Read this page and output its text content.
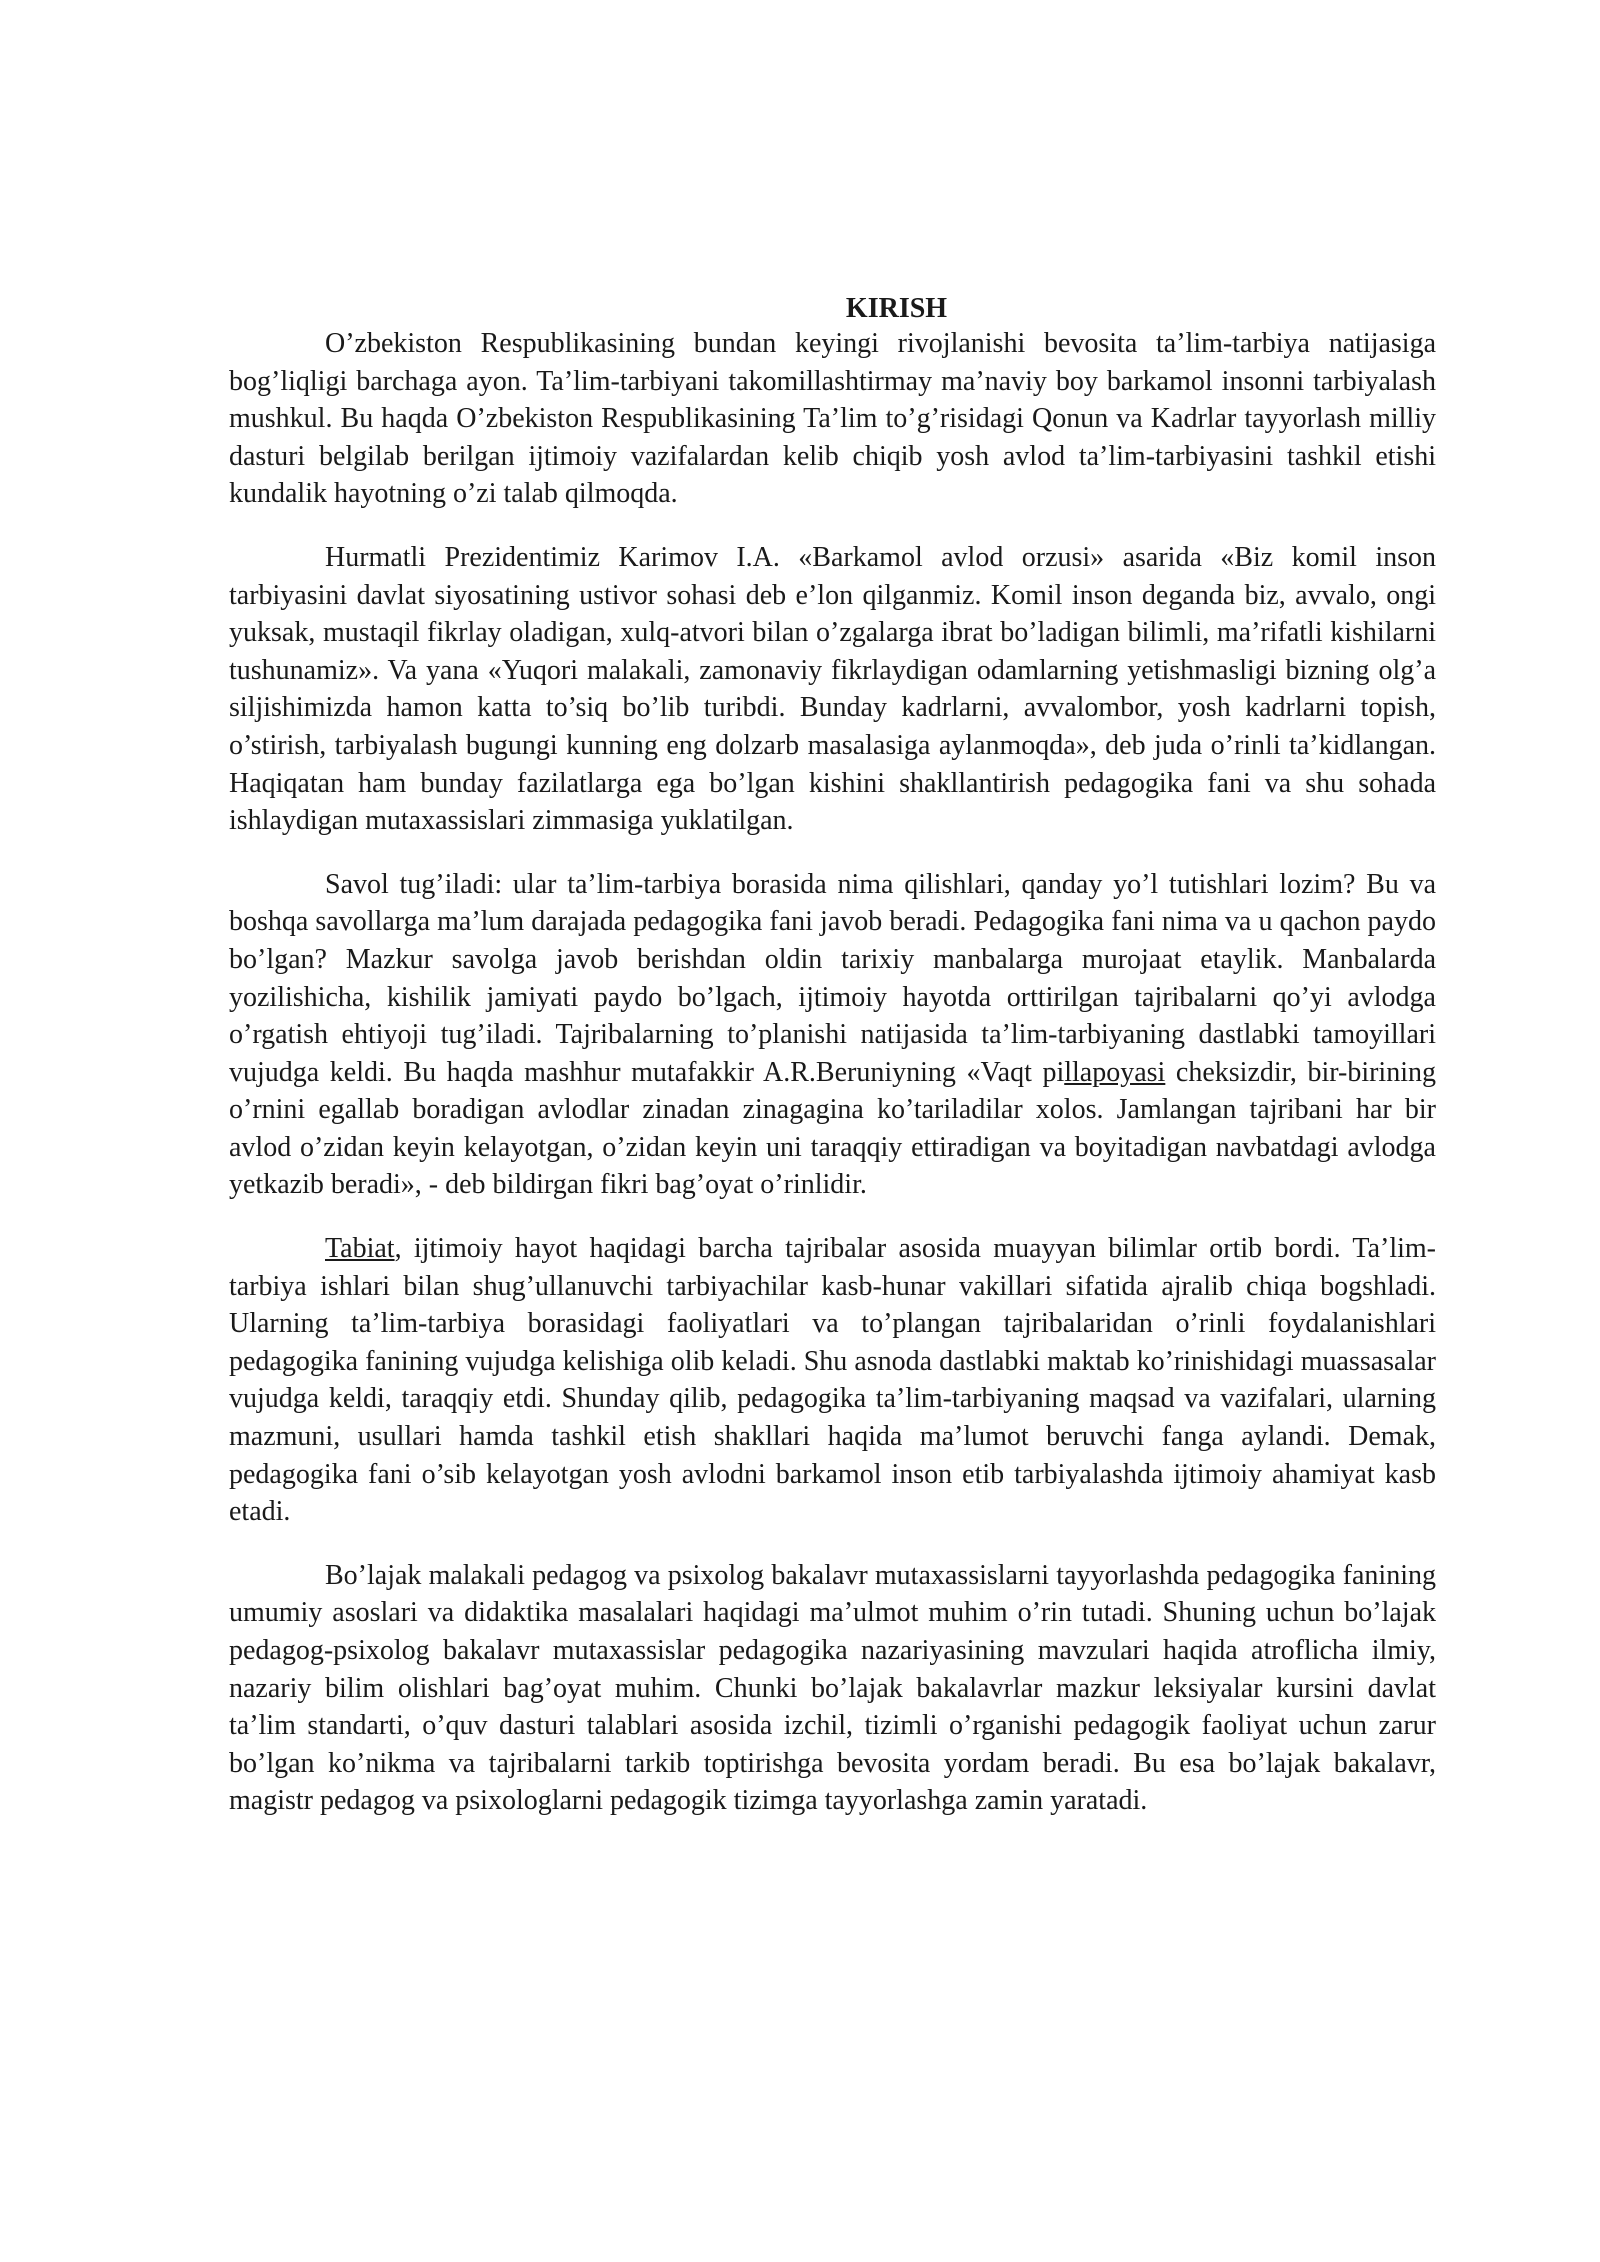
KIRISH

O’zbekiston Respublikasining bundan keyingi rivojlanishi bevosita ta’lim-tarbiya natijasiga bog’liqligi barchaga ayon. Ta’lim-tarbiyani takomillashtirmay ma’naviy boy barkamol insonni tarbiyalash mushkul. Bu haqda O’zbekiston Respublikasining Ta’lim to’g’risidagi Qonun va Kadrlar tayyorlash milliy dasturi belgilab berilgan ijtimoiy vazifalardan kelib chiqib yosh avlod ta’lim-tarbiyasini tashkil etishi kundalik hayotning o’zi talab qilmoqda.

Hurmatli Prezidentimiz Karimov I.A. «Barkamol avlod orzusi» asarida «Biz komil inson tarbiyasini davlat siyosatining ustivor sohasi deb e’lon qilganmiz. Komil inson deganda biz, avvalo, ongi yuksak, mustaqil fikrlay oladigan, xulq-atvori bilan o’zgalarga ibrat bo’ladigan bilimli, ma’rifatli kishilarni tushunamiz». Va yana «Yuqori malakali, zamonaviy fikrlaydigan odamlarning yetishmasligi bizning olg’a siljishimizda hamon katta to’siq bo’lib turibdi. Bunday kadrlarni, avvalombor, yosh kadrlarni topish, o’stirish, tarbiyalash bugungi kunning eng dolzarb masalasiga aylanmoqda», deb juda o’rinli ta’kidlangan. Haqiqatan ham bunday fazilatlarga ega bo’lgan kishini shakllantirish pedagogika fani va shu sohada ishlaydigan mutaxassislari zimmasiga yuklatilgan.

Savol tug’iladi: ular ta’lim-tarbiya borasida nima qilishlari, qanday yo’l tutishlari lozim? Bu va boshqa savollarga ma’lum darajada pedagogika fani javob beradi. Pedagogika fani nima va u qachon paydo bo’lgan? Mazkur savolga javob berishdan oldin tarixiy manbalarga murojaat etaylik. Manbalarda yozilishicha, kishilik jamiyati paydo bo’lgach, ijtimoiy hayotda orttirilgan tajribalarni qo’yi avlodga o’rgatish ehtiyoji tug’iladi. Tajribalarning to’planishi natijasida ta’lim-tarbiyaning dastlabki tamoyillari vujudga keldi. Bu haqda mashhur mutafakkir A.R.Beruniyning «Vaqt pillapoyasi cheksizdir, bir-birining o’rnini egallab boradigan avlodlar zinadan zinagagina ko’tariladilar xolos. Jamlangan tajribani har bir avlod o’zidan keyin kelayotgan, o’zidan keyin uni taraqqiy ettiradigan va boyitadigan navbatdagi avlodga yetkazib beradi», - deb bildirgan fikri bag’oyat o’rinlidir.

Tabiat, ijtimoiy hayot haqidagi barcha tajribalar asosida muayyan bilimlar ortib bordi. Ta’lim-tarbiya ishlari bilan shug’ullanuvchi tarbiyachilar kasb-hunar vakillari sifatida ajralib chiqa bogshladi. Ularning ta’lim-tarbiya borasidagi faoliyatlari va to’plangan tajribalaridan o’rinli foydalanishlari pedagogika fanining vujudga kelishiga olib keladi. Shu asnoda dastlabki maktab ko’rinishidagi muassasalar vujudga keldi, taraqqiy etdi. Shunday qilib, pedagogika ta’lim-tarbiyaning maqsad va vazifalari, ularning mazmuni, usullari hamda tashkil etish shakllari haqida ma’lumot beruvchi fanga aylandi. Demak, pedagogika fani o’sib kelayotgan yosh avlodni barkamol inson etib tarbiyalashda ijtimoiy ahamiyat kasb etadi.

Bo’lajak malakali pedagog va psixolog bakalavr mutaxassislarni tayyorlashda pedagogika fanining umumiy asoslari va didaktika masalalari haqidagi ma’ulmot muhim o’rin tutadi. Shuning uchun bo’lajak pedagog-psixolog bakalavr mutaxassislar pedagogika nazariyasining mavzulari haqida atroflicha ilmiy, nazariy bilim olishlari bag’oyat muhim. Chunki bo’lajak bakalavrlar mazkur leksiyalar kursini davlat ta’lim standarti, o’quv dasturi talablari asosida izchil, tizimli o’rganishi pedagogik faoliyat uchun zarur bo’lgan ko’nikma va tajribalarni tarkib toptirishga bevosita yordam beradi. Bu esa bo’lajak bakalavr, magistr pedagog va psixologlarni pedagogik tizimga tayyorlashga zamin yaratadi.
